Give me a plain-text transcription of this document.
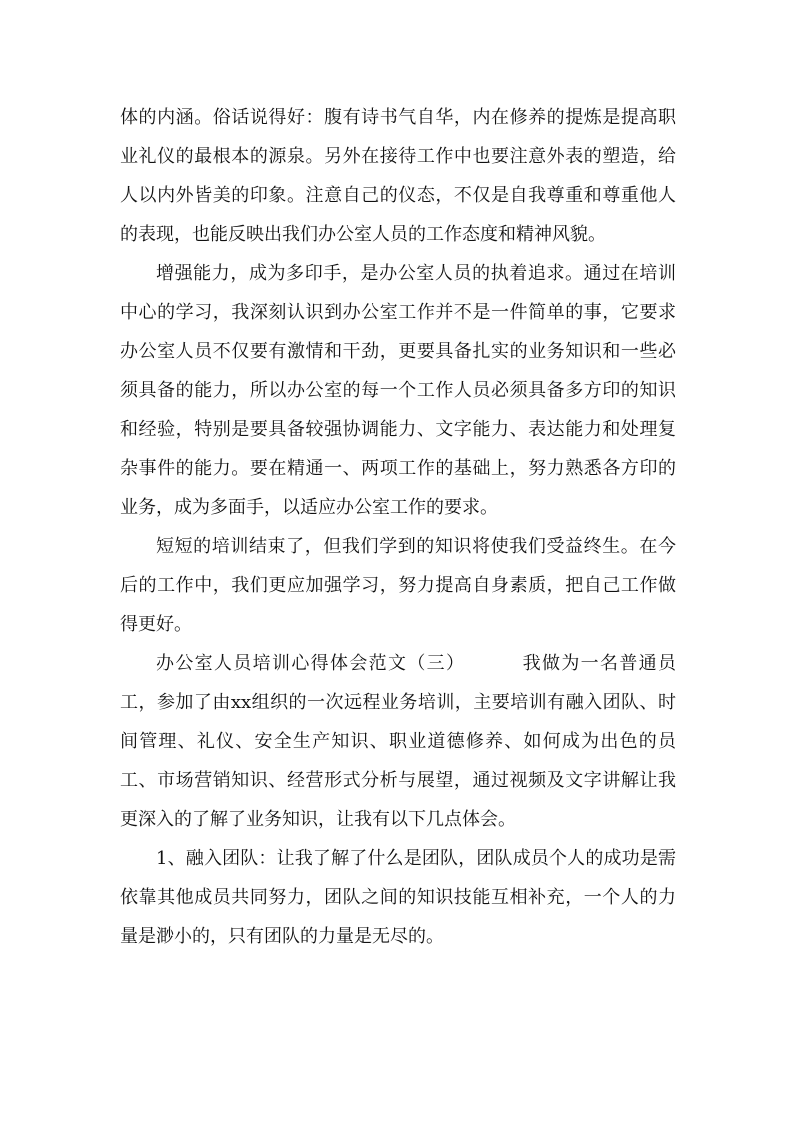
体的内涵。俗话说得好：腹有诗书气自华，内在修养的提炼是提高职业礼仪的最根本的源泉。另外在接待工作中也要注意外表的塑造，给人以内外皆美的印象。注意自己的仪态，不仅是自我尊重和尊重他人的表现，也能反映出我们办公室人员的工作态度和精神风貌。

增强能力，成为多印手，是办公室人员的执着追求。通过在培训中心的学习，我深刻认识到办公室工作并不是一件简单的事，它要求办公室人员不仅要有激情和干劲，更要具备扎实的业务知识和一些必须具备的能力，所以办公室的每一个工作人员必须具备多方印的知识和经验，特别是要具备较强协调能力、文字能力、表达能力和处理复杂事件的能力。要在精通一、两项工作的基础上，努力熟悉各方印的业务，成为多面手，以适应办公室工作的要求。

短短的培训结束了，但我们学到的知识将使我们受益终生。在今后的工作中，我们更应加强学习，努力提高自身素质，把自己工作做得更好。

办公室人员培训心得体会范文（三）	我做为一名普通员工，参加了由xx组织的一次远程业务培训，主要培训有融入团队、时间管理、礼仪、安全生产知识、职业道德修养、如何成为出色的员工、市场营销知识、经营形式分析与展望，通过视频及文字讲解让我更深入的了解了业务知识，让我有以下几点体会。

1、融入团队：让我了解了什么是团队，团队成员个人的成功是需依靠其他成员共同努力，团队之间的知识技能互相补充，一个人的力量是渺小的，只有团队的力量是无尽的。
